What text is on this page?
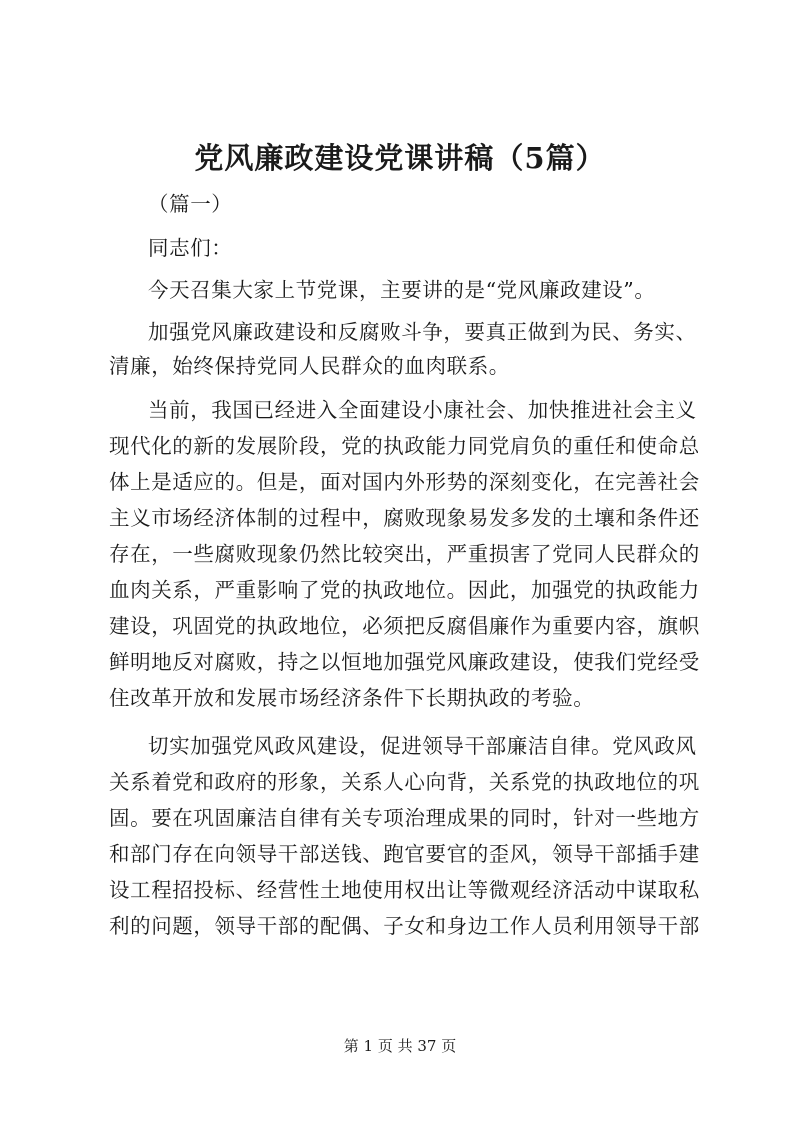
党风廉政建设党课讲稿（5篇）
（篇一）
同志们：
今天召集大家上节党课，主要讲的是“党风廉政建设”。
加强党风廉政建设和反腐败斗争，要真正做到为民、务实、
清廉，始终保持党同人民群众的血肉联系。
当前，我国已经进入全面建设小康社会、加快推进社会主义
现代化的新的发展阶段，党的执政能力同党肩负的重任和使命总
体上是适应的。但是，面对国内外形势的深刻变化，在完善社会
主义市场经济体制的过程中，腐败现象易发多发的土壤和条件还
存在，一些腐败现象仍然比较突出，严重损害了党同人民群众的
血肉关系，严重影响了党的执政地位。因此，加强党的执政能力
建设，巩固党的执政地位，必须把反腐倡廉作为重要内容，旗帜
鲜明地反对腐败，持之以恒地加强党风廉政建设，使我们党经受
住改革开放和发展市场经济条件下长期执政的考验。
切实加强党风政风建设，促进领导干部廉洁自律。党风政风
关系着党和政府的形象，关系人心向背，关系党的执政地位的巩
固。要在巩固廉洁自律有关专项治理成果的同时，针对一些地方
和部门存在向领导干部送钱、跑官要官的歪风，领导干部插手建
设工程招投标、经营性土地使用权出让等微观经济活动中谋取私
利的问题，领导干部的配偶、子女和身边工作人员利用领导干部
第 1 页 共 37 页
